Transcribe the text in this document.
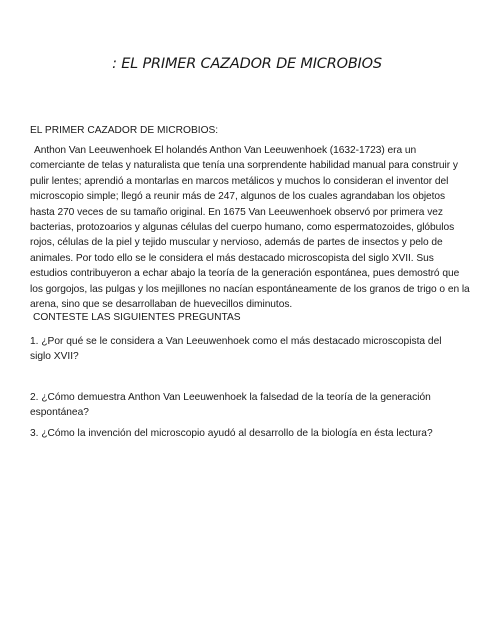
: EL PRIMER CAZADOR DE MICROBIOS

EL PRIMER CAZADOR DE MICROBIOS:

Anthon Van Leeuwenhoek El holandés Anthon Van Leeuwenhoek (1632-1723) era un comerciante de telas y naturalista que tenía una sorprendente habilidad manual para construir y pulir lentes; aprendió a montarlas en marcos metálicos y muchos lo consideran el inventor del microscopio simple; llegó a reunir más de 247, algunos de los cuales agrandaban los objetos hasta 270 veces de su tamaño original. En 1675 Van Leeuwenhoek observó por primera vez bacterias, protozoarios y algunas células del cuerpo humano, como espermatozoides, glóbulos rojos, células de la piel y tejido muscular y nervioso, además de partes de insectos y pelo de animales. Por todo ello se le considera el más destacado microscopista del siglo XVII. Sus estudios contribuyeron a echar abajo la teoría de la generación espontánea, pues demostró que los gorgojos, las pulgas y los mejillones no nacían espontáneamente de los granos de trigo o en la arena, sino que se desarrollaban de huevecillos diminutos.

CONTESTE LAS SIGUIENTES PREGUNTAS

1. ¿Por qué se le considera a Van Leeuwenhoek como el más destacado microscopista del siglo XVII?

2. ¿Cómo demuestra Anthon Van Leeuwenhoek la falsedad de la teoría de la generación espontánea?

3. ¿Cómo la invención del microscopio ayudó al desarrollo de la biología en ésta lectura?
